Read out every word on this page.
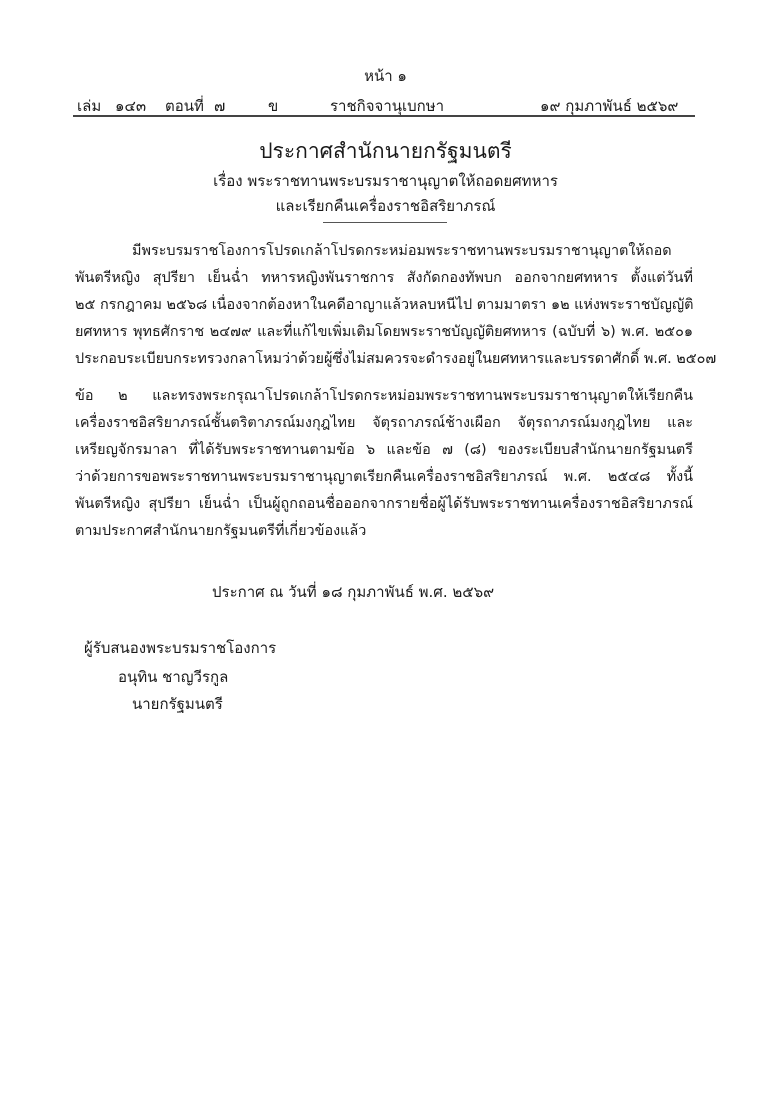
หน้า ๑
เล่ม ๑๔๓ ตอนที่ ๗	ข	ราชกิจจานุเบกษา	๑๙ กุมภาพันธ์ ๒๕๖๙
ประกาศสำนักนายกรัฐมนตรี
เรื่อง พระราชทานพระบรมราชานุญาตให้ถอดยศทหาร
และเรียกคืนเครื่องราชอิสริยาภรณ์
มีพระบรมราชโองการโปรดเกล้าโปรดกระหม่อมพระราชทานพระบรมราชานุญาตให้ถอด
พันตรีหญิง สุปรียา เย็นฉ่ำ ทหารหญิงพันราชการ สังกัดกองทัพบก ออกจากยศทหาร ตั้งแต่วันที่
๒๕ กรกฎาคม ๒๕๖๘ เนื่องจากต้องหาในคดีอาญาแล้วหลบหนีไป ตามมาตรา ๑๒ แห่งพระราชบัญญัติ
ยศทหาร พุทธศักราช ๒๔๗๙ และที่แก้ไขเพิ่มเติมโดยพระราชบัญญัติยศทหาร (ฉบับที่ ๖) พ.ศ. ๒๕๐๑
ประกอบระเบียบกระทรวงกลาโหมว่าด้วยผู้ซึ่งไม่สมควรจะดำรงอยู่ในยศทหารและบรรดาศักดิ์ พ.ศ. ๒๕๐๗
ข้อ ๒ และทรงพระกรุณาโปรดเกล้าโปรดกระหม่อมพระราชทานพระบรมราชานุญาตให้เรียกคืน
เครื่องราชอิสริยาภรณ์ชั้นตริตาภรณ์มงกุฎไทย จัตุรถาภรณ์ช้างเผือก จัตุรถาภรณ์มงกุฎไทย และ
เหรียญจักรมาลา ที่ได้รับพระราชทานตามข้อ ๖ และข้อ ๗ (๘) ของระเบียบสำนักนายกรัฐมนตรี
ว่าด้วยการขอพระราชทานพระบรมราชานุญาตเรียกคืนเครื่องราชอิสริยาภรณ์ พ.ศ. ๒๕๔๘ ทั้งนี้
พันตรีหญิง สุปรียา เย็นฉ่ำ เป็นผู้ถูกถอนชื่อออกจากรายชื่อผู้ได้รับพระราชทานเครื่องราชอิสริยาภรณ์
ตามประกาศสำนักนายกรัฐมนตรีที่เกี่ยวข้องแล้ว
ประกาศ ณ วันที่ ๑๘ กุมภาพันธ์ พ.ศ. ๒๕๖๙
ผู้รับสนองพระบรมราชโองการ
อนุทิน ชาญวีรกูล
นายกรัฐมนตรี
